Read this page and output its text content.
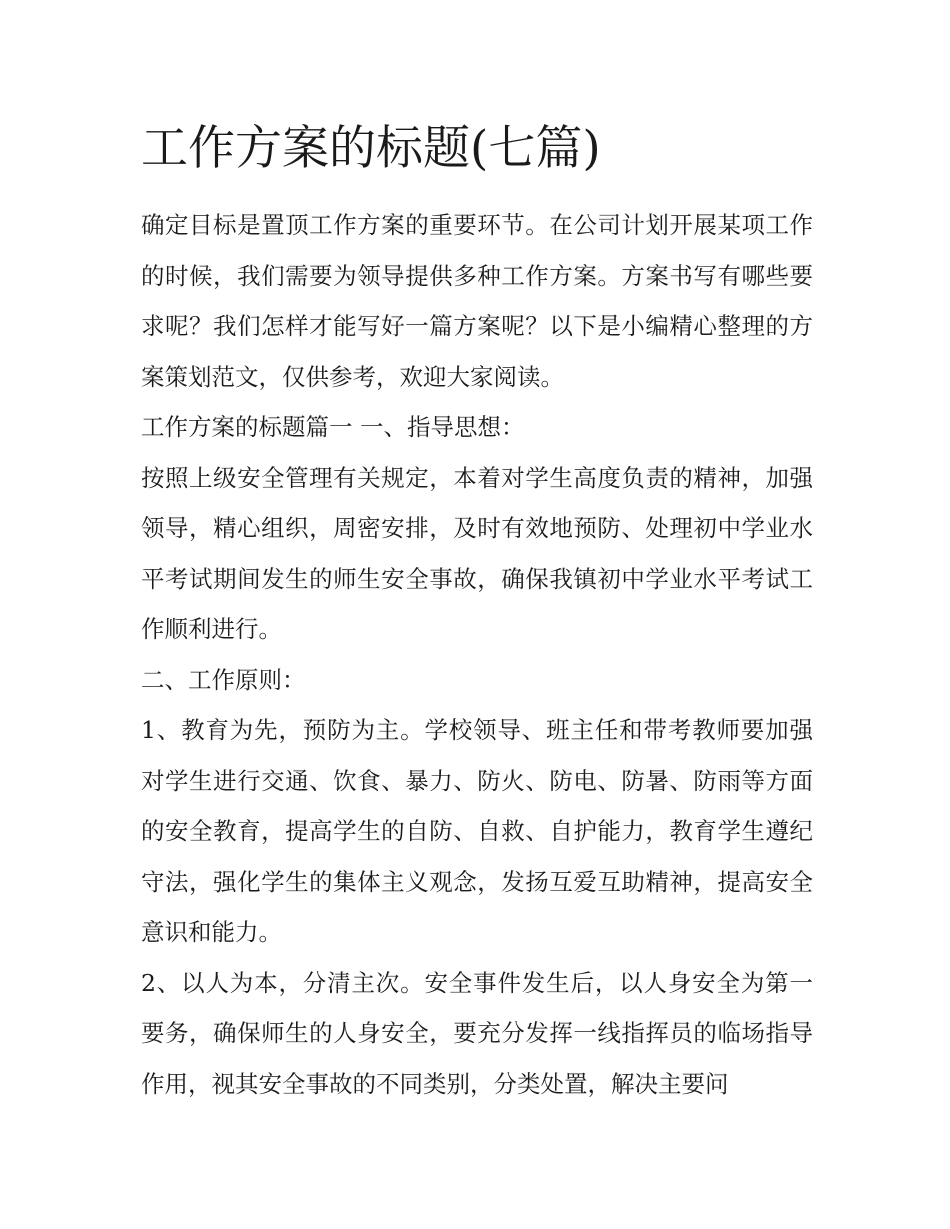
工作方案的标题(七篇)

确定目标是置顶工作方案的重要环节。在公司计划开展某项工作的时候，我们需要为领导提供多种工作方案。方案书写有哪些要求呢？我们怎样才能写好一篇方案呢？以下是小编精心整理的方案策划范文，仅供参考，欢迎大家阅读。

工作方案的标题篇一 一、指导思想：

按照上级安全管理有关规定，本着对学生高度负责的精神，加强领导，精心组织，周密安排，及时有效地预防、处理初中学业水平考试期间发生的师生安全事故，确保我镇初中学业水平考试工作顺利进行。

二、工作原则：

1、教育为先，预防为主。学校领导、班主任和带考教师要加强对学生进行交通、饮食、暴力、防火、防电、防暑、防雨等方面的安全教育，提高学生的自防、自救、自护能力，教育学生遵纪守法，强化学生的集体主义观念，发扬互爱互助精神，提高安全意识和能力。

2、以人为本，分清主次。安全事件发生后，以人身安全为第一要务，确保师生的人身安全，要充分发挥一线指挥员的临场指导作用，视其安全事故的不同类别，分类处置，解决主要问
